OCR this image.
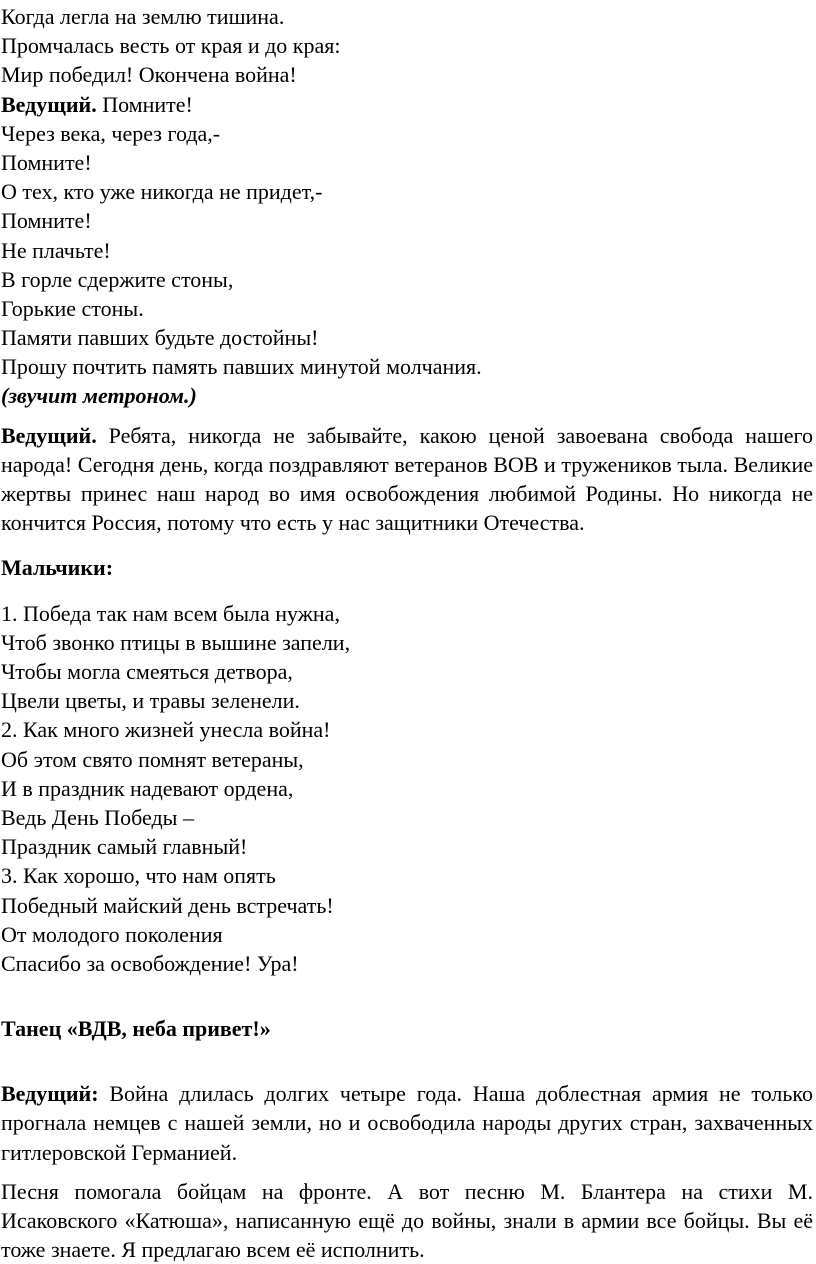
Когда легла на землю тишина.

Промчалась весть от края и до края:

Мир победил! Окончена война!

Ведущий. Помните!

Через века, через года,-

Помните!

О тех, кто уже никогда не придет,-

Помните!

Не плачьте!

В горле сдержите стоны,

Горькие стоны.

Памяти павших будьте достойны!

Прошу почтить память павших минутой молчания.

(звучит метроном.)

Ведущий. Ребята, никогда не забывайте, какою ценой завоевана свобода нашего народа! Сегодня день, когда поздравляют ветеранов ВОВ и тружеников тыла. Великие жертвы принес наш народ во имя освобождения любимой Родины. Но никогда не кончится Россия, потому что есть у нас защитники Отечества.

Мальчики:

1. Победа так нам всем была нужна,

Чтоб звонко птицы в вышине запели,

Чтобы могла смеяться детвора,

Цвели цветы, и травы зеленели.

2. Как много жизней унесла война!

Об этом свято помнят ветераны,

И в праздник надевают ордена,

Ведь День Победы –

Праздник самый главный!

3. Как хорошо, что нам опять

Победный майский день встречать!

От молодого поколения

Спасибо за освобождение! Ура!

Танец «ВДВ, неба привет!»

Ведущий: Война длилась долгих четыре года. Наша доблестная армия не только прогнала немцев с нашей земли, но и освободила народы других стран, захваченных гитлеровской Германией.

Песня помогала бойцам на фронте. А вот песню М. Блантера на стихи М. Исаковского «Катюша», написанную ещё до войны, знали в армии все бойцы. Вы её тоже знаете. Я предлагаю всем её исполнить.
